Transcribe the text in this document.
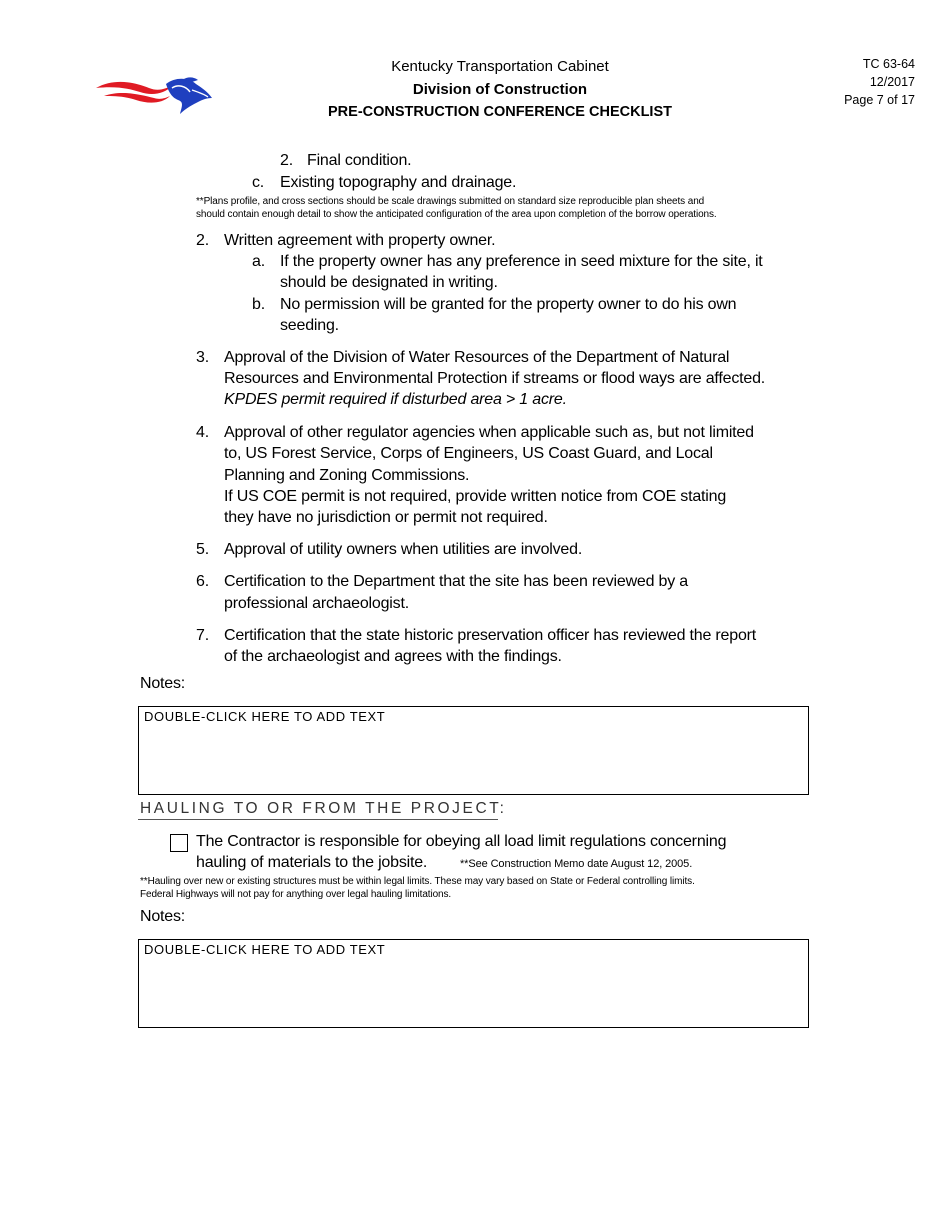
Kentucky Transportation Cabinet
Division of Construction
PRE-CONSTRUCTION CONFERENCE CHECKLIST
TC 63-64
12/2017
Page 7 of 17
2. Final condition.
c. Existing topography and drainage.
**Plans profile, and cross sections should be scale drawings submitted on standard size reproducible plan sheets and
should contain enough detail to show the anticipated configuration of the area upon completion of the borrow operations.
2. Written agreement with property owner.
a. If the property owner has any preference in seed mixture for the site, it
should be designated in writing.
b. No permission will be granted for the property owner to do his own
seeding.
3. Approval of the Division of Water Resources of the Department of Natural
Resources and Environmental Protection if streams or flood ways are affected.
KPDES permit required if disturbed area > 1 acre.
4. Approval of other regulator agencies when applicable such as, but not limited
to, US Forest Service, Corps of Engineers, US Coast Guard, and Local
Planning and Zoning Commissions.
If US COE permit is not required, provide written notice from COE stating
they have no jurisdiction or permit not required.
5. Approval of utility owners when utilities are involved.
6. Certification to the Department that the site has been reviewed by a
professional archaeologist.
7. Certification that the state historic preservation officer has reviewed the report
of the archaeologist and agrees with the findings.
Notes:
DOUBLE-CLICK HERE TO ADD TEXT
HAULING TO OR FROM THE PROJECT:
The Contractor is responsible for obeying all load limit regulations concerning
hauling of materials to the jobsite.	**See Construction Memo date August 12, 2005.
**Hauling over new or existing structures must be within legal limits. These may vary based on State or Federal controlling limits.
Federal Highways will not pay for anything over legal hauling limitations.
Notes:
DOUBLE-CLICK HERE TO ADD TEXT
